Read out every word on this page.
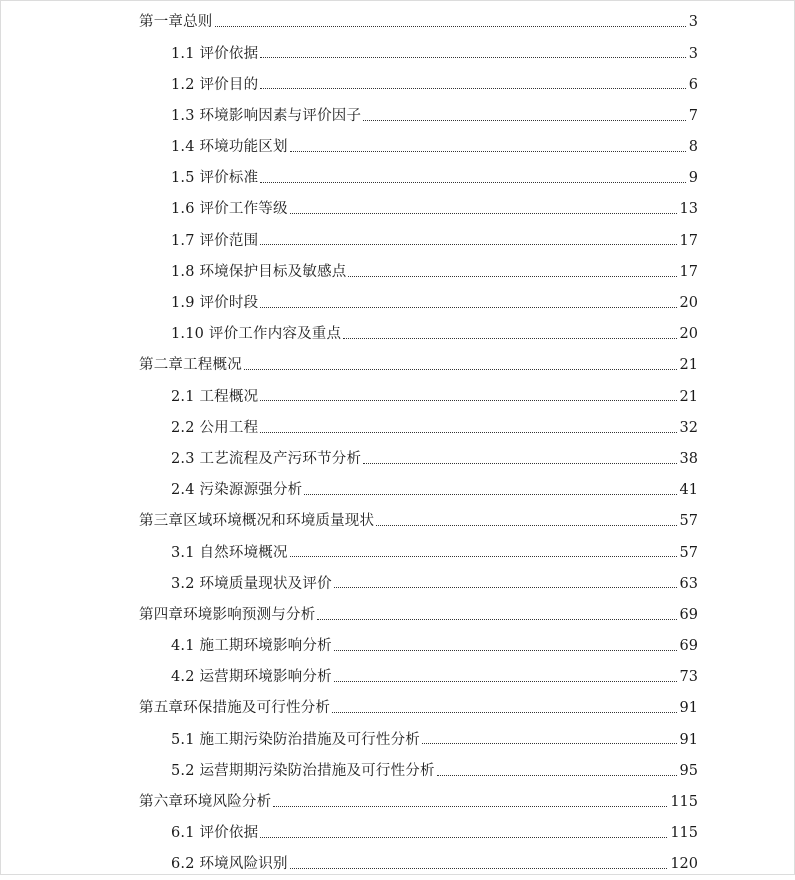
第一章总则	3
1.1 评价依据	3
1.2 评价目的	6
1.3 环境影响因素与评价因子	7
1.4 环境功能区划	8
1.5 评价标准	9
1.6 评价工作等级	13
1.7 评价范围	17
1.8 环境保护目标及敏感点	17
1.9 评价时段	20
1.10 评价工作内容及重点	20
第二章工程概况	21
2.1 工程概况	21
2.2 公用工程	32
2.3 工艺流程及产污环节分析	38
2.4 污染源源强分析	41
第三章区域环境概况和环境质量现状	57
3.1 自然环境概况	57
3.2 环境质量现状及评价	63
第四章环境影响预测与分析	69
4.1 施工期环境影响分析	69
4.2 运营期环境影响分析	73
第五章环保措施及可行性分析	91
5.1 施工期污染防治措施及可行性分析	91
5.2 运营期期污染防治措施及可行性分析	95
第六章环境风险分析	115
6.1 评价依据	115
6.2 环境风险识别	120
